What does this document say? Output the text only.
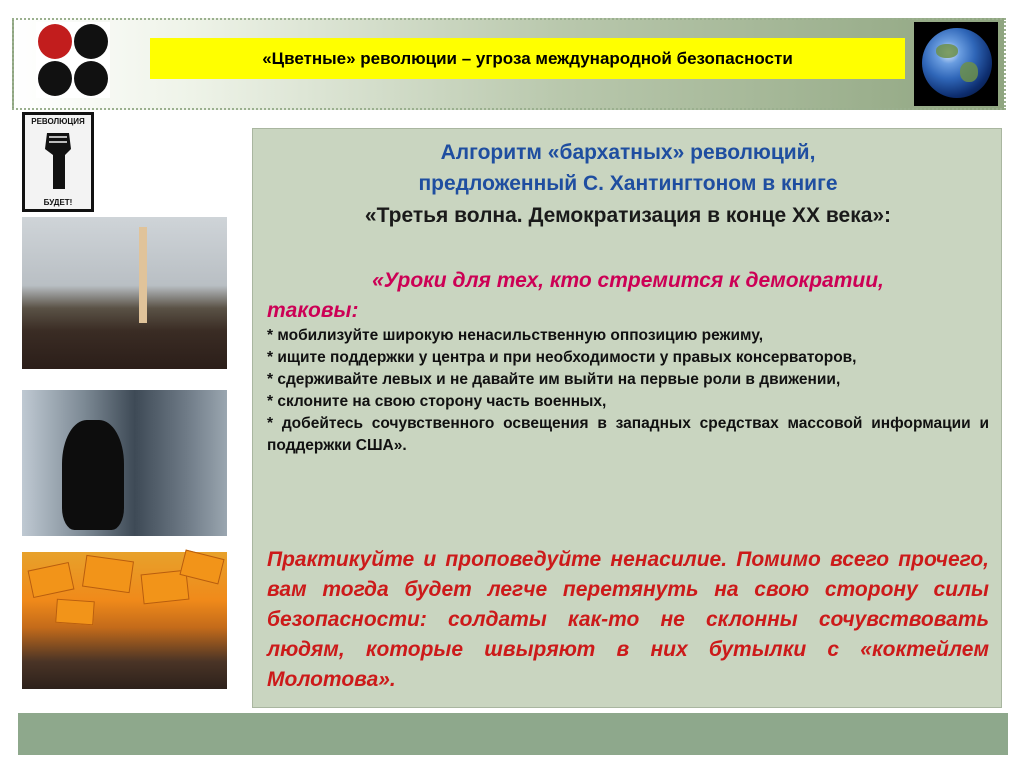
«Цветные» революции – угроза международной безопасности
РЕВОЛЮЦИЯ
БУДЕТ!
Алгоритм «бархатных» революций,
предложенный С. Хантингтоном в книге
«Третья волна. Демократизация в конце XX века»:
«Уроки для тех, кто стремится к демократии,
таковы:
* мобилизуйте широкую ненасильственную оппозицию режиму,
* ищите поддержки у центра и при необходимости у правых консерваторов,
* сдерживайте левых и не давайте им выйти на первые роли в движении,
* склоните на свою сторону часть военных,
* добейтесь сочувственного освещения в западных средствах массовой информации и поддержки США».
Практикуйте и проповедуйте ненасилие. Помимо всего прочего, вам тогда будет легче перетянуть на свою сторону силы безопасности: солдаты как-то не склонны сочувствовать людям, которые швыряют в них бутылки с «коктейлем Молотова».
